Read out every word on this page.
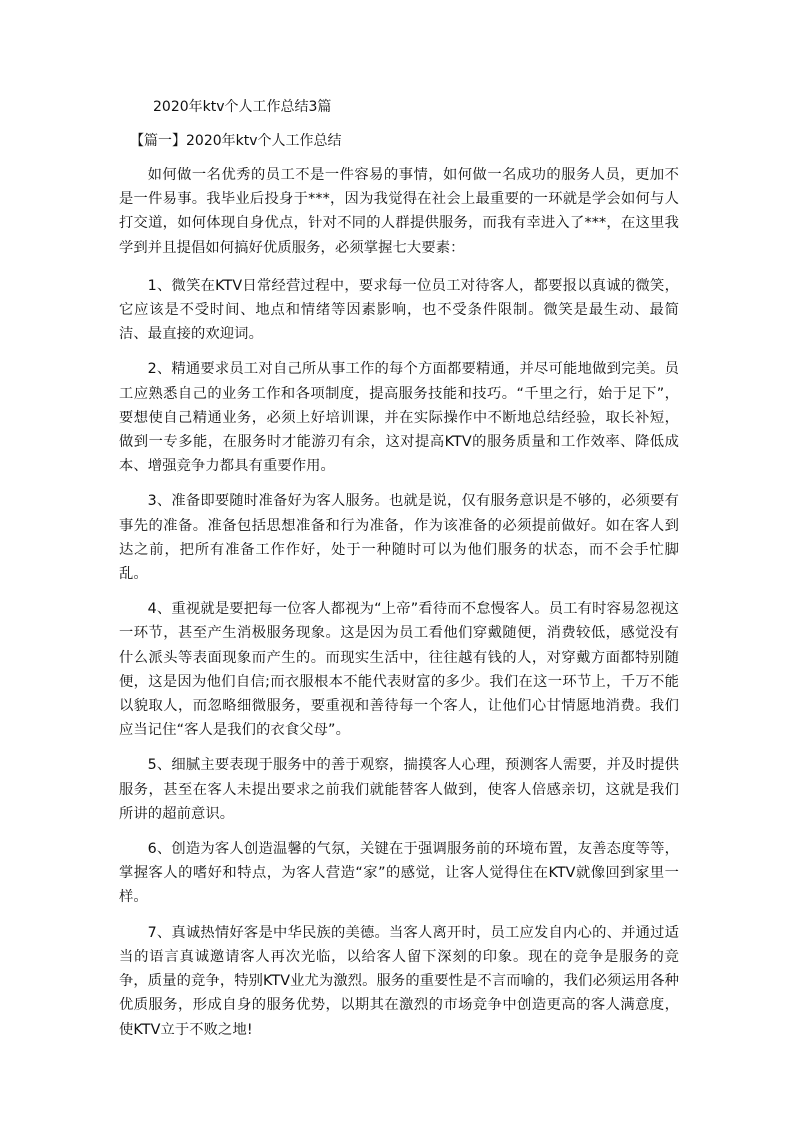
2020年ktv个人工作总结3篇
【篇一】2020年ktv个人工作总结

如何做一名优秀的员工不是一件容易的事情，如何做一名成功的服务人员，更加不是一件易事。我毕业后投身于***，因为我觉得在社会上最重要的一环就是学会如何与人打交道，如何体现自身优点，针对不同的人群提供服务，而我有幸进入了***，在这里我学到并且提倡如何搞好优质服务，必须掌握七大要素：

1、微笑在KTV日常经营过程中，要求每一位员工对待客人，都要报以真诚的微笑，它应该是不受时间、地点和情绪等因素影响，也不受条件限制。微笑是最生动、最简洁、最直接的欢迎词。

2、精通要求员工对自己所从事工作的每个方面都要精通，并尽可能地做到完美。员工应熟悉自己的业务工作和各项制度，提高服务技能和技巧。“千里之行，始于足下”，要想使自己精通业务，必须上好培训课，并在实际操作中不断地总结经验，取长补短，做到一专多能，在服务时才能游刃有余，这对提高KTV的服务质量和工作效率、降低成本、增强竞争力都具有重要作用。

3、准备即要随时准备好为客人服务。也就是说，仅有服务意识是不够的，必须要有事先的准备。准备包括思想准备和行为准备，作为该准备的必须提前做好。如在客人到达之前，把所有准备工作作好，处于一种随时可以为他们服务的状态，而不会手忙脚乱。

4、重视就是要把每一位客人都视为“上帝”看待而不怠慢客人。员工有时容易忽视这一环节，甚至产生消极服务现象。这是因为员工看他们穿戴随便，消费较低，感觉没有什么派头等表面现象而产生的。而现实生活中，往往越有钱的人，对穿戴方面都特别随便，这是因为他们自信;而衣服根本不能代表财富的多少。我们在这一环节上，千万不能以貌取人，而忽略细微服务，要重视和善待每一个客人，让他们心甘情愿地消费。我们应当记住“客人是我们的衣食父母”。

5、细腻主要表现于服务中的善于观察，揣摸客人心理，预测客人需要，并及时提供服务，甚至在客人未提出要求之前我们就能替客人做到，使客人倍感亲切，这就是我们所讲的超前意识。

6、创造为客人创造温馨的气氛，关键在于强调服务前的环境布置，友善态度等等，掌握客人的嗜好和特点，为客人营造“家”的感觉，让客人觉得住在KTV就像回到家里一样。

7、真诚热情好客是中华民族的美德。当客人离开时，员工应发自内心的、并通过适当的语言真诚邀请客人再次光临，以给客人留下深刻的印象。现在的竞争是服务的竞争，质量的竞争，特别KTV业尤为激烈。服务的重要性是不言而喻的，我们必须运用各种优质服务，形成自身的服务优势，以期其在激烈的市场竞争中创造更高的客人满意度，使KTV立于不败之地!
